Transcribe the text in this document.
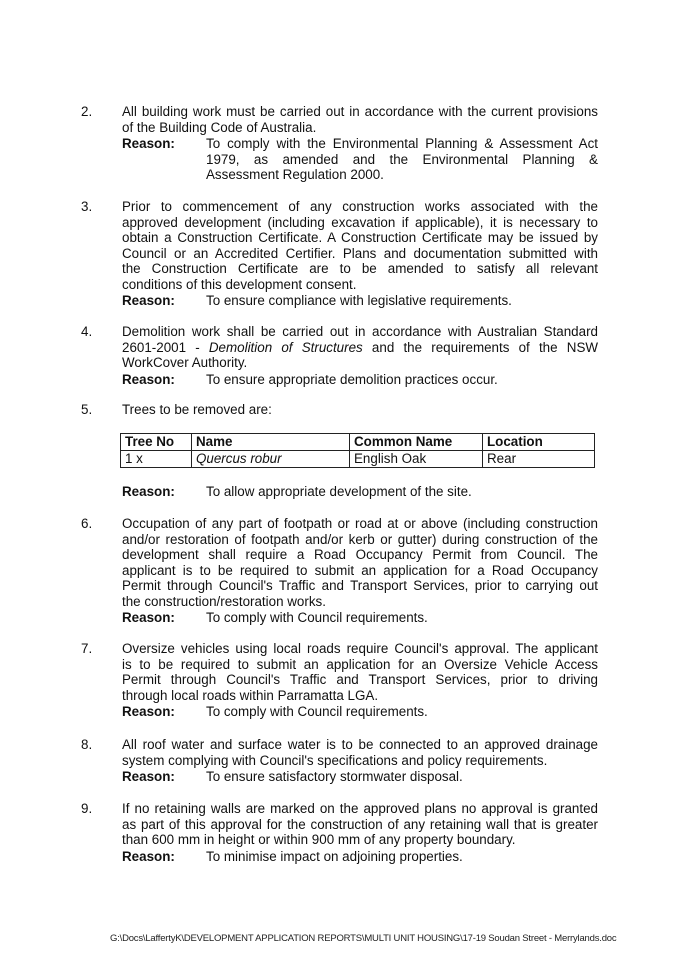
2. All building work must be carried out in accordance with the current provisions
of the Building Code of Australia.
Reason: To comply with the Environmental Planning & Assessment Act
1979, as amended and the Environmental Planning &
Assessment Regulation 2000.
3. Prior to commencement of any construction works associated with the
approved development (including excavation if applicable), it is necessary to
obtain a Construction Certificate. A Construction Certificate may be issued by
Council or an Accredited Certifier. Plans and documentation submitted with
the Construction Certificate are to be amended to satisfy all relevant
conditions of this development consent.
Reason: To ensure compliance with legislative requirements.
4. Demolition work shall be carried out in accordance with Australian Standard
2601-2001 - Demolition of Structures and the requirements of the NSW
WorkCover Authority.
Reason: To ensure appropriate demolition practices occur.
5. Trees to be removed are:
Reason: To allow appropriate development of the site.
Tree No	Name	Common Name	Location
1 x	Quercus robur	English Oak	Rear
6. Occupation of any part of footpath or road at or above (including construction
and/or restoration of footpath and/or kerb or gutter) during construction of the
development shall require a Road Occupancy Permit from Council. The
applicant is to be required to submit an application for a Road Occupancy
Permit through Council's Traffic and Transport Services, prior to carrying out
the construction/restoration works.
Reason: To comply with Council requirements.
7. Oversize vehicles using local roads require Council's approval. The applicant
is to be required to submit an application for an Oversize Vehicle Access
Permit through Council's Traffic and Transport Services, prior to driving
through local roads within Parramatta LGA.
Reason: To comply with Council requirements.
8. All roof water and surface water is to be connected to an approved drainage
system complying with Council's specifications and policy requirements.
Reason: To ensure satisfactory stormwater disposal.
9. If no retaining walls are marked on the approved plans no approval is granted
as part of this approval for the construction of any retaining wall that is greater
than 600 mm in height or within 900 mm of any property boundary.
Reason: To minimise impact on adjoining properties.
G:\Docs\LaffertyK\DEVELOPMENT APPLICATION REPORTS\MULTI UNIT HOUSING\17-19 Soudan Street - Merrylands.doc
